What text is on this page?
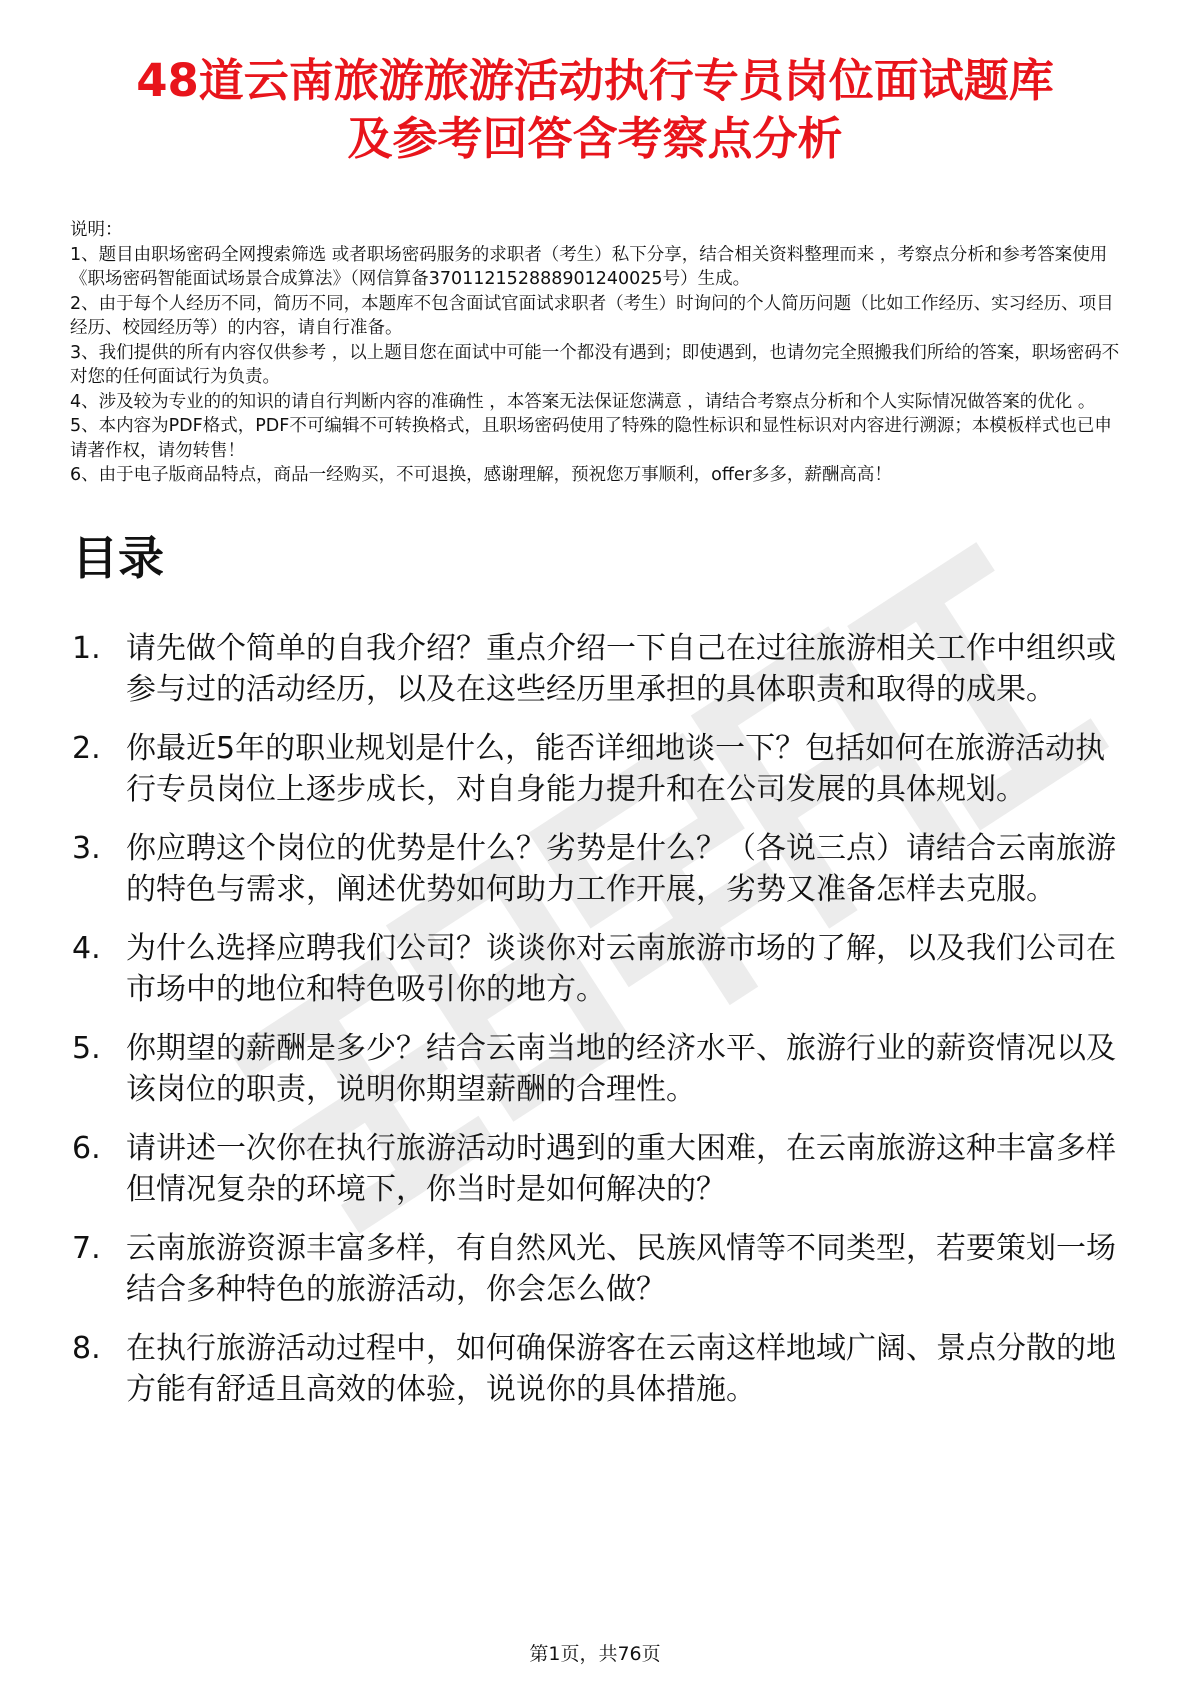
48道云南旅游旅游活动执行专员岗位面试题库
及参考回答含考察点分析

说明：

1、题目由职场密码全网搜索筛选 或者职场密码服务的求职者（考生）私下分享，结合相关资料整理而来 ，考察点分析和参考答案使用《职场密码智能面试场景合成算法》（网信算备370112152888901240025号）生成。

2、由于每个人经历不同，简历不同，本题库不包含面试官面试求职者（考生）时询问的个人简历问题（比如工作经历、实习经历、项目经历、校园经历等）的内容，请自行准备。

3、我们提供的所有内容仅供参考 ，以上题目您在面试中可能一个都没有遇到；即使遇到，也请勿完全照搬我们所给的答案，职场密码不对您的任何面试行为负责。

4、涉及较为专业的的知识的请自行判断内容的准确性 ，本答案无法保证您满意 ，请结合考察点分析和个人实际情况做答案的优化 。

5、本内容为PDF格式，PDF不可编辑不可转换格式，且职场密码使用了特殊的隐性标识和显性标识对内容进行溯源；本模板样式也已申请著作权，请勿转售！

6、由于电子版商品特点，商品一经购买，不可退换，感谢理解，预祝您万事顺利，offer多多，薪酬高高！

目录
1. 请先做个简单的自我介绍？重点介绍一下自己在过往旅游相关工作中组织或参与过的活动经历，以及在这些经历里承担的具体职责和取得的成果。
2. 你最近5年的职业规划是什么，能否详细地谈一下？包括如何在旅游活动执行专员岗位上逐步成长，对自身能力提升和在公司发展的具体规划。
3. 你应聘这个岗位的优势是什么？劣势是什么？（各说三点）请结合云南旅游的特色与需求，阐述优势如何助力工作开展，劣势又准备怎样去克服。
4. 为什么选择应聘我们公司？谈谈你对云南旅游市场的了解，以及我们公司在市场中的地位和特色吸引你的地方。
5. 你期望的薪酬是多少？结合云南当地的经济水平、旅游行业的薪资情况以及该岗位的职责，说明你期望薪酬的合理性。
6. 请讲述一次你在执行旅游活动时遇到的重大困难，在云南旅游这种丰富多样但情况复杂的环境下，你当时是如何解决的？
7. 云南旅游资源丰富多样，有自然风光、民族风情等不同类型，若要策划一场结合多种特色的旅游活动，你会怎么做？
8. 在执行旅游活动过程中，如何确保游客在云南这样地域广阔、景点分散的地方能有舒适且高效的体验，说说你的具体措施。
第1页，共76页
